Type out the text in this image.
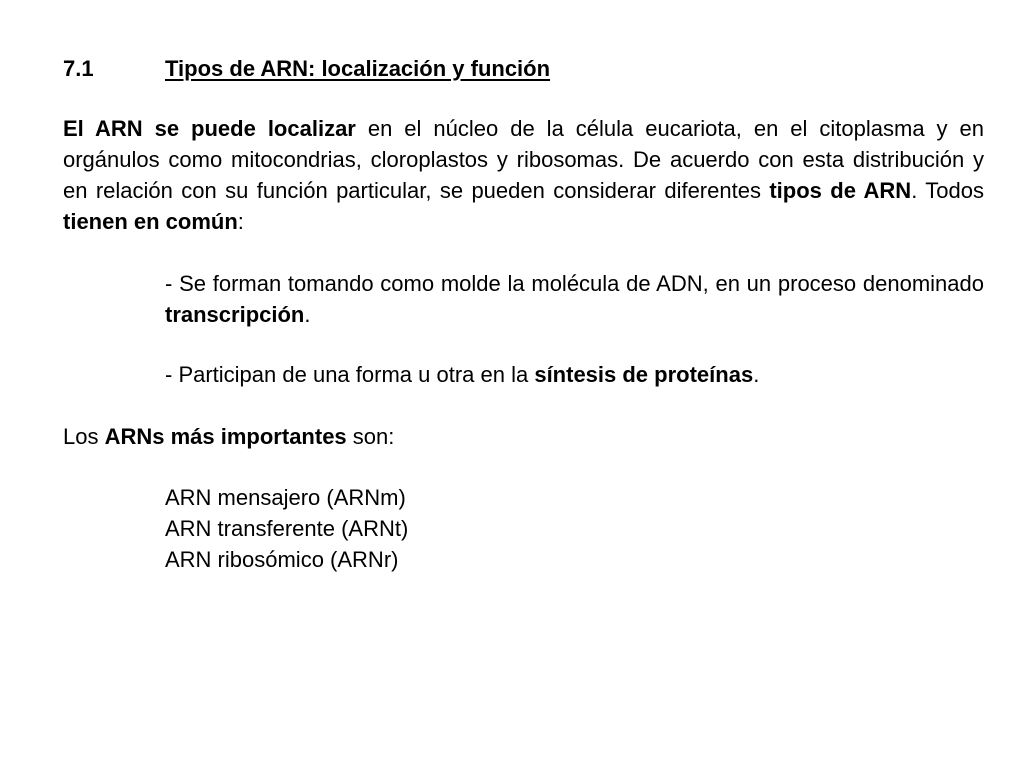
7.1	Tipos de ARN: localización y función

El ARN se puede localizar en el núcleo de la célula eucariota, en el citoplasma y en orgánulos como mitocondrias, cloroplastos y ribosomas. De acuerdo con esta distribución y en relación con su función particular, se pueden considerar diferentes tipos de ARN. Todos tienen en común:

- Se forman tomando como molde la molécula de ADN, en un proceso denominado transcripción.

- Participan de una forma u otra en la síntesis de proteínas.

Los ARNs más importantes son:

ARN mensajero (ARNm)
ARN transferente (ARNt)
ARN ribosómico (ARNr)
